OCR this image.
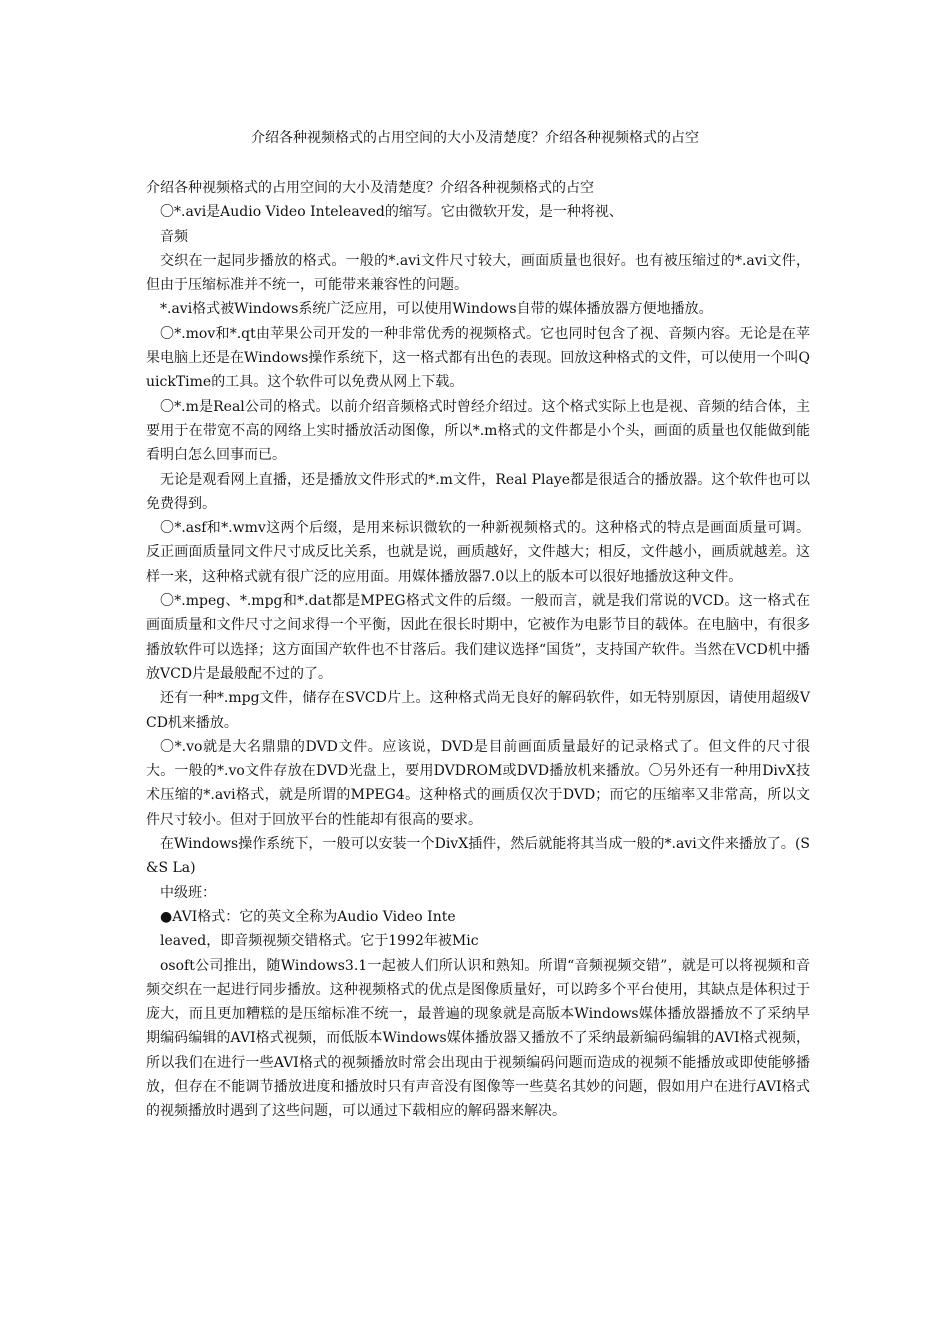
介绍各种视频格式的占用空间的大小及清楚度？介绍各种视频格式的占空

介绍各种视频格式的占用空间的大小及清楚度？介绍各种视频格式的占空

〇*.avi是Audio Video Inteleaved的缩写。它由微软开发，是一种将视、

音频

交织在一起同步播放的格式。一般的*.avi文件尺寸较大，画面质量也很好。也有被压缩过的*.avi文件，但由于压缩标准并不统一，可能带来兼容性的问题。

*.avi格式被Windows系统广泛应用，可以使用Windows自带的媒体播放器方便地播放。

〇*.mov和*.qt由苹果公司开发的一种非常优秀的视频格式。它也同时包含了视、音频内容。无论是在苹果电脑上还是在Windows操作系统下，这一格式都有出色的表现。回放这种格式的文件，可以使用一个叫QuickTime的工具。这个软件可以免费从网上下载。

〇*.m是Real公司的格式。以前介绍音频格式时曾经介绍过。这个格式实际上也是视、音频的结合体，主要用于在带宽不高的网络上实时播放活动图像，所以*.m格式的文件都是小个头，画面的质量也仅能做到能看明白怎么回事而已。

无论是观看网上直播，还是播放文件形式的*.m文件，Real Playe都是很适合的播放器。这个软件也可以免费得到。

〇*.asf和*.wmv这两个后缀，是用来标识微软的一种新视频格式的。这种格式的特点是画面质量可调。反正画面质量同文件尺寸成反比关系，也就是说，画质越好，文件越大；相反，文件越小，画质就越差。这样一来，这种格式就有很广泛的应用面。用媒体播放器7.0以上的版本可以很好地播放这种文件。

〇*.mpeg、*.mpg和*.dat都是MPEG格式文件的后缀。一般而言，就是我们常说的VCD。这一格式在画面质量和文件尺寸之间求得一个平衡，因此在很长时期中，它被作为电影节目的载体。在电脑中，有很多播放软件可以选择；这方面国产软件也不甘落后。我们建议选择“国货”，支持国产软件。当然在VCD机中播放VCD片是最般配不过的了。

还有一种*.mpg文件，储存在SVCD片上。这种格式尚无良好的解码软件，如无特别原因，请使用超级VCD机来播放。

〇*.vo就是大名鼎鼎的DVD文件。应该说，DVD是目前画面质量最好的记录格式了。但文件的尺寸很大。一般的*.vo文件存放在DVD光盘上，要用DVDROM或DVD播放机来播放。〇另外还有一种用DivX技术压缩的*.avi格式，就是所谓的MPEG4。这种格式的画质仅次于DVD；而它的压缩率又非常高，所以文件尺寸较小。但对于回放平台的性能却有很高的要求。

在Windows操作系统下，一般可以安装一个DivX插件，然后就能将其当成一般的*.avi文件来播放了。(S&S La)

中级班：

●AVI格式：它的英文全称为Audio Video Inte

leaved，即音频视频交错格式。它于1992年被Mic

osoft公司推出，随Windows3.1一起被人们所认识和熟知。所谓“音频视频交错”，就是可以将视频和音频交织在一起进行同步播放。这种视频格式的优点是图像质量好，可以跨多个平台使用，其缺点是体积过于庞大，而且更加糟糕的是压缩标准不统一，最普遍的现象就是高版本Windows媒体播放器播放不了采纳早期编码编辑的AVI格式视频，而低版本Windows媒体播放器又播放不了采纳最新编码编辑的AVI格式视频，所以我们在进行一些AVI格式的视频播放时常会出现由于视频编码问题而造成的视频不能播放或即使能够播放，但存在不能调节播放进度和播放时只有声音没有图像等一些莫名其妙的问题，假如用户在进行AVI格式的视频播放时遇到了这些问题，可以通过下载相应的解码器来解决。
